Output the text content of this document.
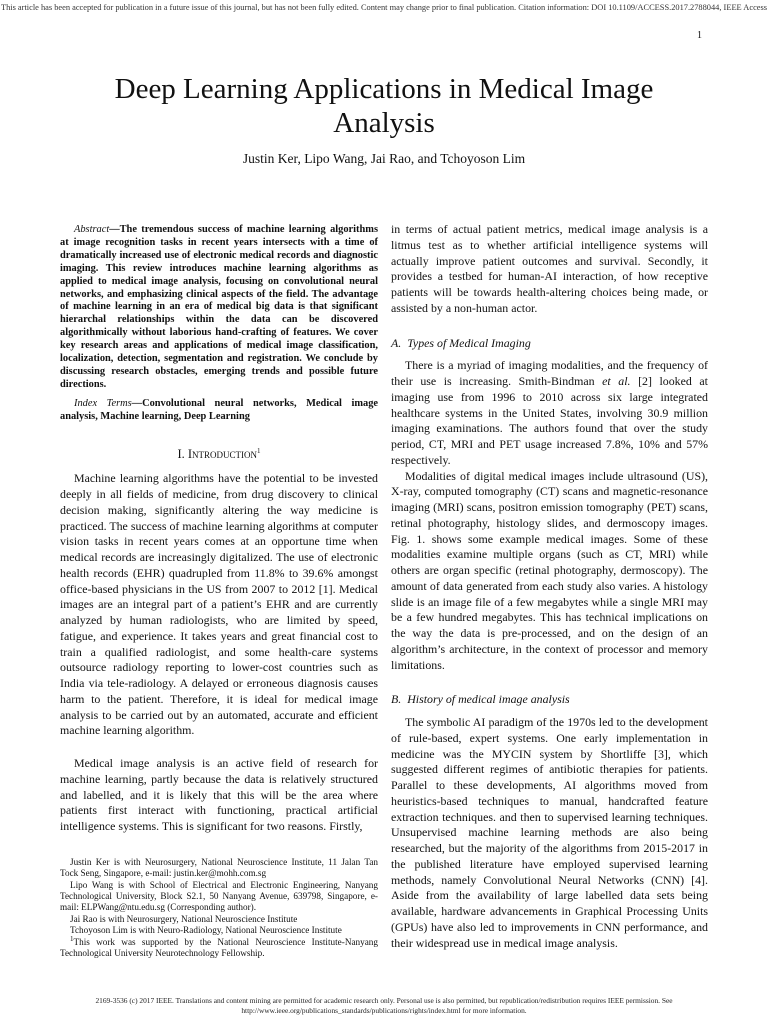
This article has been accepted for publication in a future issue of this journal, but has not been fully edited. Content may change prior to final publication. Citation information: DOI 10.1109/ACCESS.2017.2788044, IEEE Access
1
Deep Learning Applications in Medical Image
Analysis
Justin Ker, Lipo Wang, Jai Rao, and Tchoyoson Lim

Abstract—The tremendous success of machine learning algorithms at image recognition tasks in recent years intersects with a time of dramatically increased use of electronic medical records and diagnostic imaging. This review introduces machine learning algorithms as applied to medical image analysis, focusing on convolutional neural networks, and emphasizing clinical aspects of the field. The advantage of machine learning in an era of medical big data is that significant hierarchal relationships within the data can be discovered algorithmically without laborious hand-crafting of features. We cover key research areas and applications of medical image classification, localization, detection, segmentation and registration. We conclude by discussing research obstacles, emerging trends and possible future directions.

Index Terms—Convolutional neural networks, Medical image analysis, Machine learning, Deep Learning

I. Introduction$^1$

Machine learning algorithms have the potential to be invested deeply in all fields of medicine, from drug discovery to clinical decision making, significantly altering the way medicine is practiced. The success of machine learning algorithms at computer vision tasks in recent years comes at an opportune time when medical records are increasingly digitalized. The use of electronic health records (EHR) quadrupled from 11.8% to 39.6% amongst office-based physicians in the US from 2007 to 2012 [1]. Medical images are an integral part of a patient’s EHR and are currently analyzed by human radiologists, who are limited by speed, fatigue, and experience. It takes years and great financial cost to train a qualified radiologist, and some health-care systems outsource radiology reporting to lower-cost countries such as India via tele-radiology. A delayed or erroneous diagnosis causes harm to the patient. Therefore, it is ideal for medical image analysis to be carried out by an automated, accurate and efficient machine learning algorithm.

Medical image analysis is an active field of research for machine learning, partly because the data is relatively structured and labelled, and it is likely that this will be the area where patients first interact with functioning, practical artificial intelligence systems. This is significant for two reasons. Firstly,

Justin Ker is with Neurosurgery, National Neuroscience Institute, 11 Jalan Tan Tock Seng, Singapore, e-mail: justin.ker@mohh.com.sg
Lipo Wang is with School of Electrical and Electronic Engineering, Nanyang Technological University, Block S2.1, 50 Nanyang Avenue, 639798, Singapore, e-mail: ELPWang@ntu.edu.sg (Corresponding author).
Jai Rao is with Neurosurgery, National Neuroscience Institute
Tchoyoson Lim is with Neuro-Radiology, National Neuroscience Institute
$^1$This work was supported by the National Neuroscience Institute-Nanyang Technological University Neurotechnology Fellowship.

in terms of actual patient metrics, medical image analysis is a litmus test as to whether artificial intelligence systems will actually improve patient outcomes and survival. Secondly, it provides a testbed for human-AI interaction, of how receptive patients will be towards health-altering choices being made, or assisted by a non-human actor.

A. Types of Medical Imaging

There is a myriad of imaging modalities, and the frequency of their use is increasing. Smith-Bindman et al. [2] looked at imaging use from 1996 to 2010 across six large integrated healthcare systems in the United States, involving 30.9 million imaging examinations. The authors found that over the study period, CT, MRI and PET usage increased 7.8%, 10% and 57% respectively.

Modalities of digital medical images include ultrasound (US), X-ray, computed tomography (CT) scans and magnetic-resonance imaging (MRI) scans, positron emission tomography (PET) scans, retinal photography, histology slides, and dermoscopy images. Fig. 1. shows some example medical images. Some of these modalities examine multiple organs (such as CT, MRI) while others are organ specific (retinal photography, dermoscopy). The amount of data generated from each study also varies. A histology slide is an image file of a few megabytes while a single MRI may be a few hundred megabytes. This has technical implications on the way the data is pre-processed, and on the design of an algorithm’s architecture, in the context of processor and memory limitations.

B. History of medical image analysis

The symbolic AI paradigm of the 1970s led to the development of rule-based, expert systems. One early implementation in medicine was the MYCIN system by Shortliffe [3], which suggested different regimes of antibiotic therapies for patients. Parallel to these developments, AI algorithms moved from heuristics-based techniques to manual, handcrafted feature extraction techniques. and then to supervised learning techniques. Unsupervised machine learning methods are also being researched, but the majority of the algorithms from 2015-2017 in the published literature have employed supervised learning methods, namely Convolutional Neural Networks (CNN) [4]. Aside from the availability of large labelled data sets being available, hardware advancements in Graphical Processing Units (GPUs) have also led to improvements in CNN performance, and their widespread use in medical image analysis.

2169-3536 (c) 2017 IEEE. Translations and content mining are permitted for academic research only. Personal use is also permitted, but republication/redistribution requires IEEE permission. See
http://www.ieee.org/publications_standards/publications/rights/index.html for more information.
